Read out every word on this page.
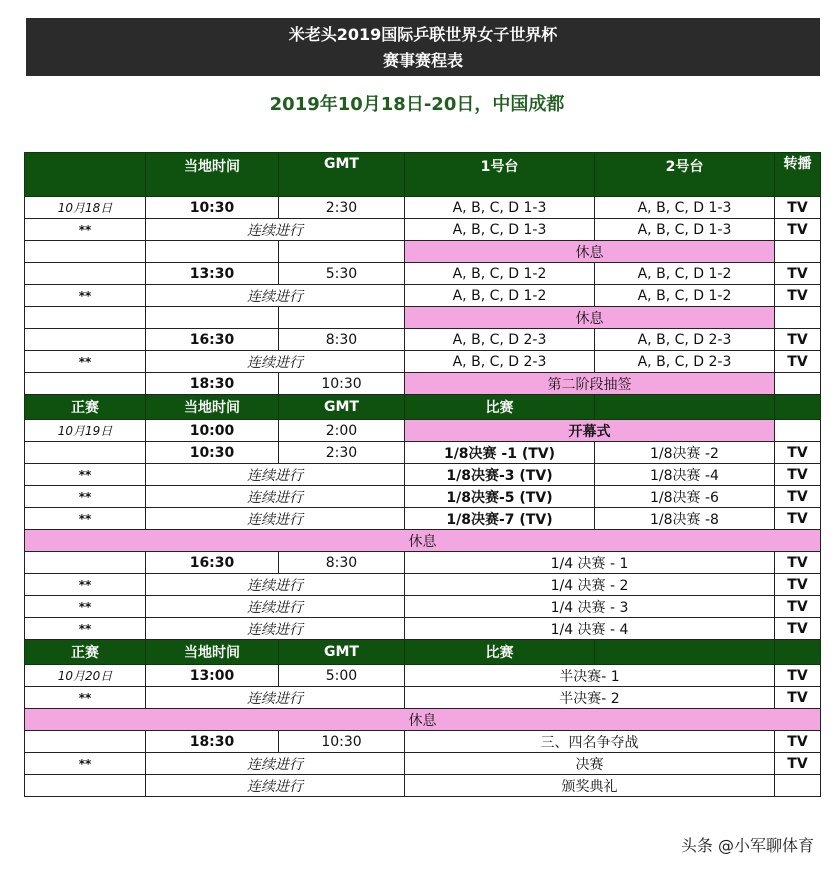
米老头2019国际乒联世界女子世界杯
赛事赛程表
2019年10月18日-20日，中国成都
	当地时间	GMT	1号台	2号台	转播
10月18日	10:30	2:30	A, B, C, D 1-3	A, B, C, D 1-3	TV
**	连续进行		A, B, C, D 1-3	A, B, C, D 1-3	TV
			休息		
	13:30	5:30	A, B, C, D 1-2	A, B, C, D 1-2	TV
**	连续进行		A, B, C, D 1-2	A, B, C, D 1-2	TV
			休息		
	16:30	8:30	A, B, C, D 2-3	A, B, C, D 2-3	TV
**	连续进行		A, B, C, D 2-3	A, B, C, D 2-3	TV
	18:30	10:30	第二阶段抽签		
正赛	当地时间	GMT	比赛		
10月19日	10:00	2:00	开幕式		
	10:30	2:30	1/8决赛 -1 (TV)	1/8决赛 -2	TV
**	连续进行		1/8决赛-3 (TV)	1/8决赛 -4	TV
**	连续进行		1/8决赛-5 (TV)	1/8决赛 -6	TV
**	连续进行		1/8决赛-7 (TV)	1/8决赛 -8	TV
休息					
	16:30	8:30	1/4 决赛 - 1		TV
**	连续进行		1/4 决赛 - 2		TV
**	连续进行		1/4 决赛 - 3		TV
**	连续进行		1/4 决赛 - 4		TV
正赛	当地时间	GMT	比赛		
10月20日	13:00	5:00	半决赛- 1		TV
**	连续进行		半决赛- 2		TV
休息					
	18:30	10:30	三、四名争夺战		TV
**	连续进行		决赛		TV
	连续进行		颁奖典礼		
头条 @小军聊体育
